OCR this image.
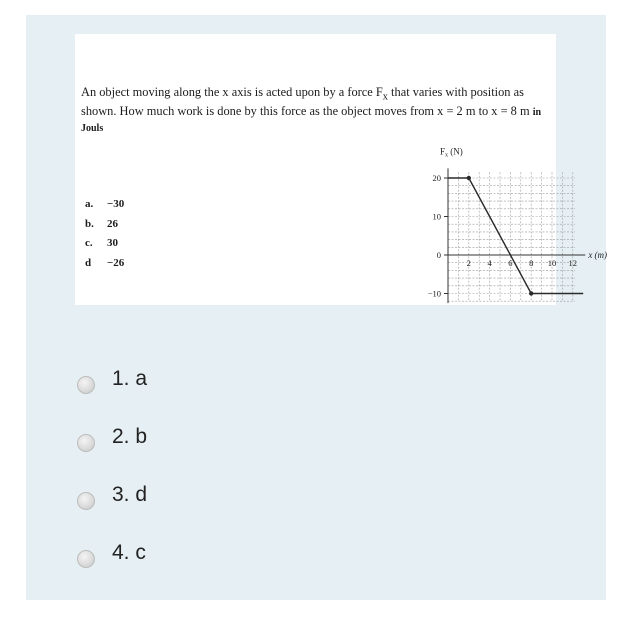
An object moving along the x axis is acted upon by a force $F_x$ that varies with position as shown. How much work is done by this force as the object moves from x = 2 m to x = 8 m in Jouls
a.	−30
b.	26
c.	30
d	−26
20
10
0
−10
2 4 6 8 10 12
$F_x$ (N)
x (m)
1. a
2. b
3. d
4. c
